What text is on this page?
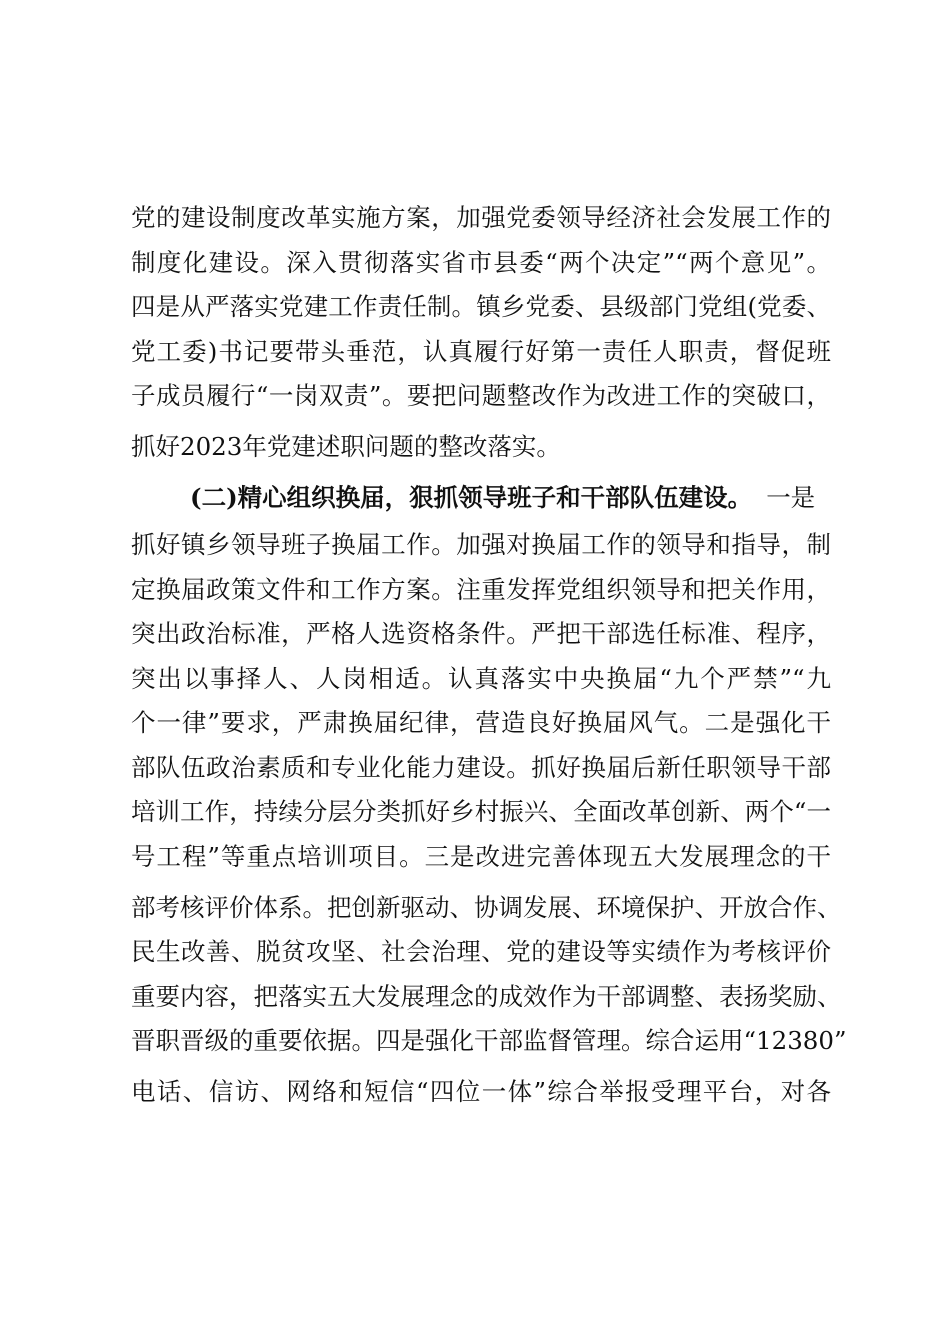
党的建设制度改革实施方案，加强党委领导经济社会发展工作的
制度化建设。深入贯彻落实省市县委“两个决定”“两个意见”。
四是从严落实党建工作责任制。镇乡党委、县级部门党组(党委、
党工委)书记要带头垂范，认真履行好第一责任人职责，督促班
子成员履行“一岗双责”。要把问题整改作为改进工作的突破口，
抓好2023年党建述职问题的整改落实。
(二)精心组织换届，狠抓领导班子和干部队伍建设。 一是
抓好镇乡领导班子换届工作。加强对换届工作的领导和指导，制
定换届政策文件和工作方案。注重发挥党组织领导和把关作用，
突出政治标准，严格人选资格条件。严把干部选任标准、程序，
突出以事择人、人岗相适。认真落实中央换届“九个严禁”“九
个一律”要求，严肃换届纪律，营造良好换届风气。二是强化干
部队伍政治素质和专业化能力建设。抓好换届后新任职领导干部
培训工作，持续分层分类抓好乡村振兴、全面改革创新、两个“一
号工程”等重点培训项目。三是改进完善体现五大发展理念的干
部考核评价体系。把创新驱动、协调发展、环境保护、开放合作、
民生改善、脱贫攻坚、社会治理、党的建设等实绩作为考核评价
重要内容，把落实五大发展理念的成效作为干部调整、表扬奖励、
晋职晋级的重要依据。四是强化干部监督管理。综合运用“12380”
电话、信访、网络和短信“四位一体”综合举报受理平台，对各
